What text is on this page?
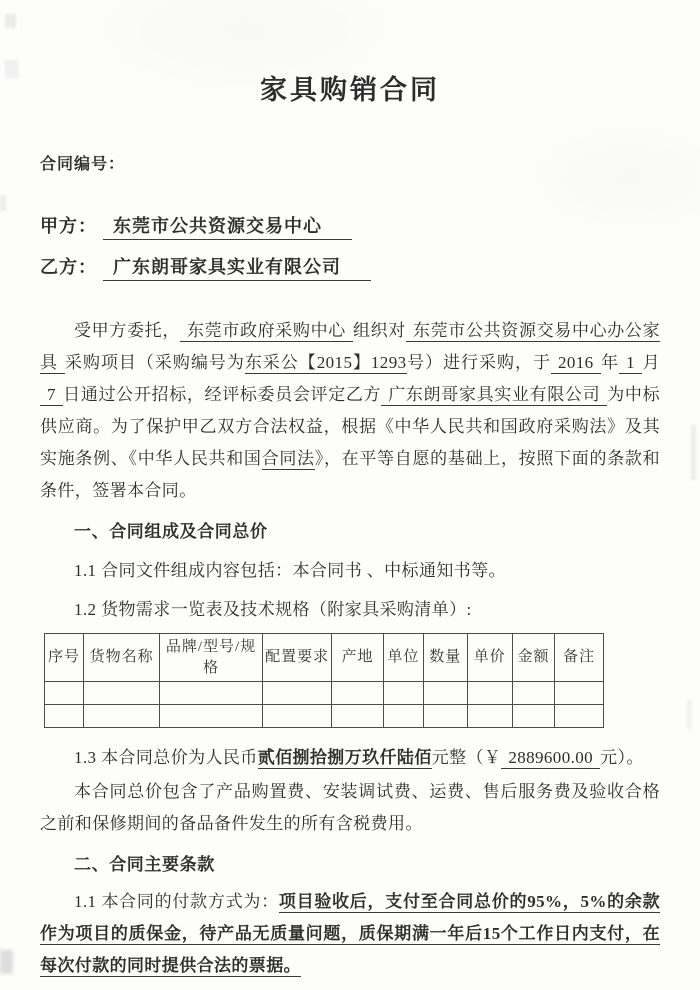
家具购销合同
合同编号：
甲方： 东莞市公共资源交易中心
乙方： 广东朗哥家具实业有限公司

受甲方委托， 东莞市政府采购中心 组织对 东莞市公共资源交易中心办公家具 采购项目（采购编号为东采公【2015】1293号）进行采购，于 2016 年 1 月7 日通过公开招标，经评标委员会评定乙方 广东朗哥家具实业有限公司 为中标供应商。为了保护甲乙双方合法权益，根据《中华人民共和国政府采购法》及其实施条例、《中华人民共和国合同法》，在平等自愿的基础上，按照下面的条款和条件，签署本合同。

一、合同组成及合同总价

1.1 合同文件组成内容包括：本合同书 、中标通知书等。

1.2 货物需求一览表及技术规格（附家具采购清单）:

序号	货物名称	品牌/型号/规格	配置要求	产地	单位	数量	单价	金额	备注

1.3 本合同总价为人民币贰佰捌拾捌万玖仟陆佰元整（￥ 2889600.00 元）。

本合同总价包含了产品购置费、安装调试费、运费、售后服务费及验收合格之前和保修期间的备品备件发生的所有含税费用。

二、合同主要条款

1.1 本合同的付款方式为：项目验收后，支付至合同总价的95%，5%的余款作为项目的质保金，待产品无质量问题，质保期满一年后15个工作日内支付，在每次付款的同时提供合法的票据。
